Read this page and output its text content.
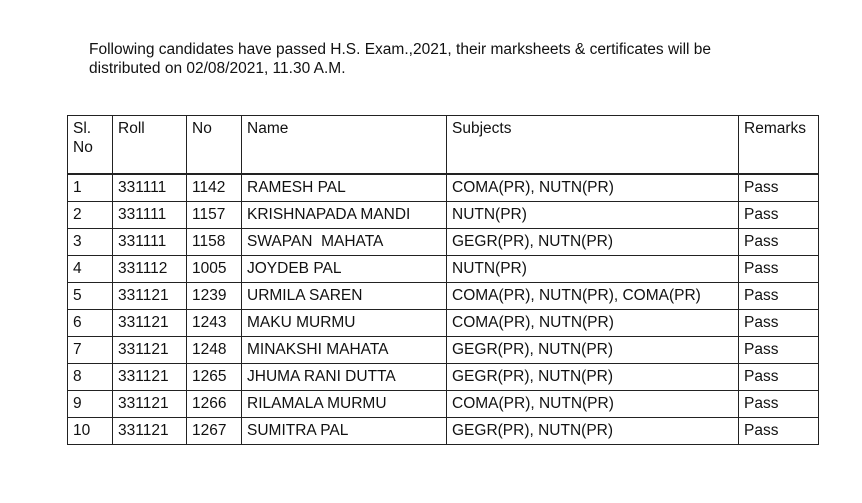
Following candidates have passed H.S. Exam.,2021, their marksheets & certificates will be
distributed on 02/08/2021, 11.30 A.M.
Sl.
No	Roll	No	Name	Subjects	Remarks
1	331111	1142	RAMESH PAL	COMA(PR), NUTN(PR)	Pass
2	331111	1157	KRISHNAPADA MANDI	NUTN(PR)	Pass
3	331111	1158	SWAPAN  MAHATA	GEGR(PR), NUTN(PR)	Pass
4	331112	1005	JOYDEB PAL	NUTN(PR)	Pass
5	331121	1239	URMILA SAREN	COMA(PR), NUTN(PR), COMA(PR)	Pass
6	331121	1243	MAKU MURMU	COMA(PR), NUTN(PR)	Pass
7	331121	1248	MINAKSHI MAHATA	GEGR(PR), NUTN(PR)	Pass
8	331121	1265	JHUMA RANI DUTTA	GEGR(PR), NUTN(PR)	Pass
9	331121	1266	RILAMALA MURMU	COMA(PR), NUTN(PR)	Pass
10	331121	1267	SUMITRA PAL	GEGR(PR), NUTN(PR)	Pass
